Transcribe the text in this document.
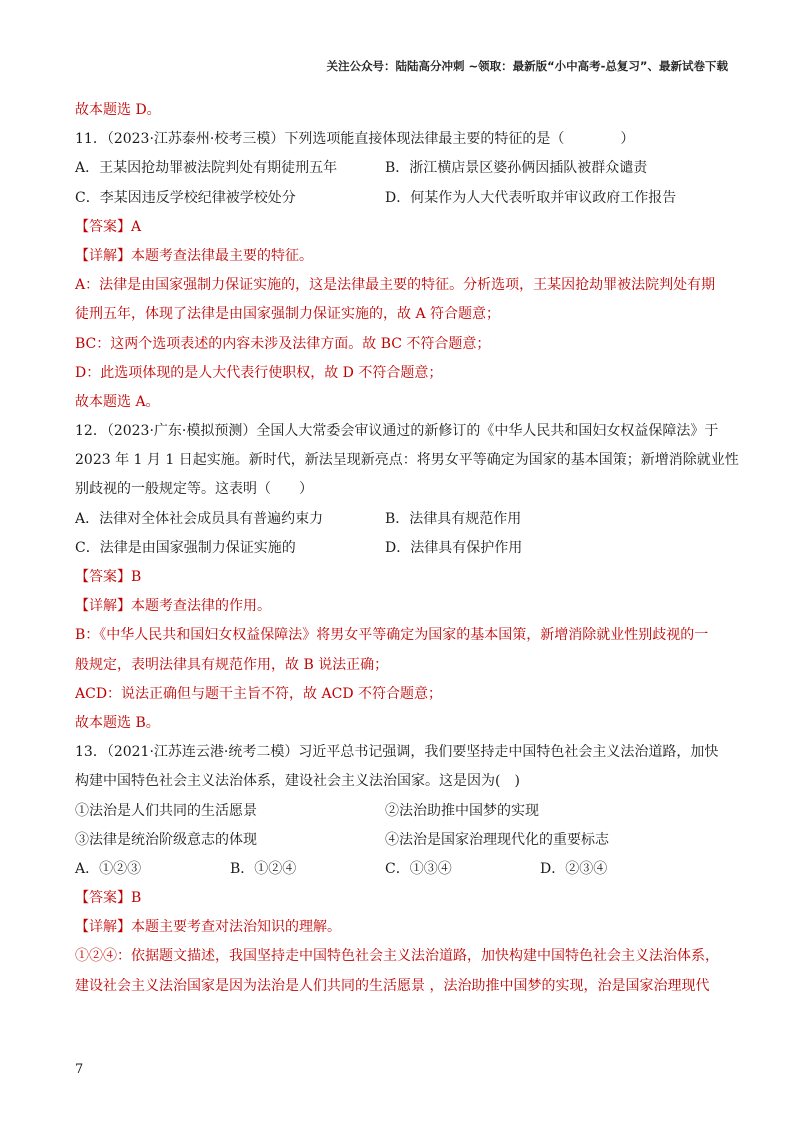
关注公众号：陆陆高分冲刺 ~领取：最新版“小中高考-总复习”、最新试卷下载
故本题选 D。
11．（2023·江苏泰州·校考三模）下列选项能直接体现法律最主要的特征的是（　　　　）
A．王某因抢劫罪被法院判处有期徒刑五年	B．浙江横店景区婆孙俩因插队被群众谴责
C．李某因违反学校纪律被学校处分	D．何某作为人大代表听取并审议政府工作报告
【答案】A
【详解】本题考查法律最主要的特征。
A：法律是由国家强制力保证实施的，这是法律最主要的特征。分析选项，王某因抢劫罪被法院判处有期
徒刑五年，体现了法律是由国家强制力保证实施的，故 A 符合题意；
BC：这两个选项表述的内容未涉及法律方面。故 BC 不符合题意；
D：此选项体现的是人大代表行使职权，故 D 不符合题意；
故本题选 A。
12．（2023·广东·模拟预测）全国人大常委会审议通过的新修订的《中华人民共和国妇女权益保障法》于
2023 年 1 月 1 日起实施。新时代，新法呈现新亮点：将男女平等确定为国家的基本国策；新增消除就业性
别歧视的一般规定等。这表明（　　）
A．法律对全体社会成员具有普遍约束力	B．法律具有规范作用
C．法律是由国家强制力保证实施的	D．法律具有保护作用
【答案】B
【详解】本题考查法律的作用。
B：《中华人民共和国妇女权益保障法》将男女平等确定为国家的基本国策，新增消除就业性别歧视的一
般规定，表明法律具有规范作用，故 B 说法正确；
ACD：说法正确但与题干主旨不符，故 ACD 不符合题意；
故本题选 B。
13．（2021·江苏连云港·统考二模）习近平总书记强调，我们要坚持走中国特色社会主义法治道路，加快
构建中国特色社会主义法治体系，建设社会主义法治国家。这是因为(　)
①法治是人们共同的生活愿景	②法治助推中国梦的实现
③法律是统治阶级意志的体现	④法治是国家治理现代化的重要标志
A．①②③	B．①②④	C．①③④	D．②③④
【答案】B
【详解】本题主要考查对法治知识的理解。
①②④：依据题文描述，我国坚持走中国特色社会主义法治道路，加快构建中国特色社会主义法治体系，
建设社会主义法治国家是因为法治是人们共同的生活愿景 ，法治助推中国梦的实现，治是国家治理现代
7
